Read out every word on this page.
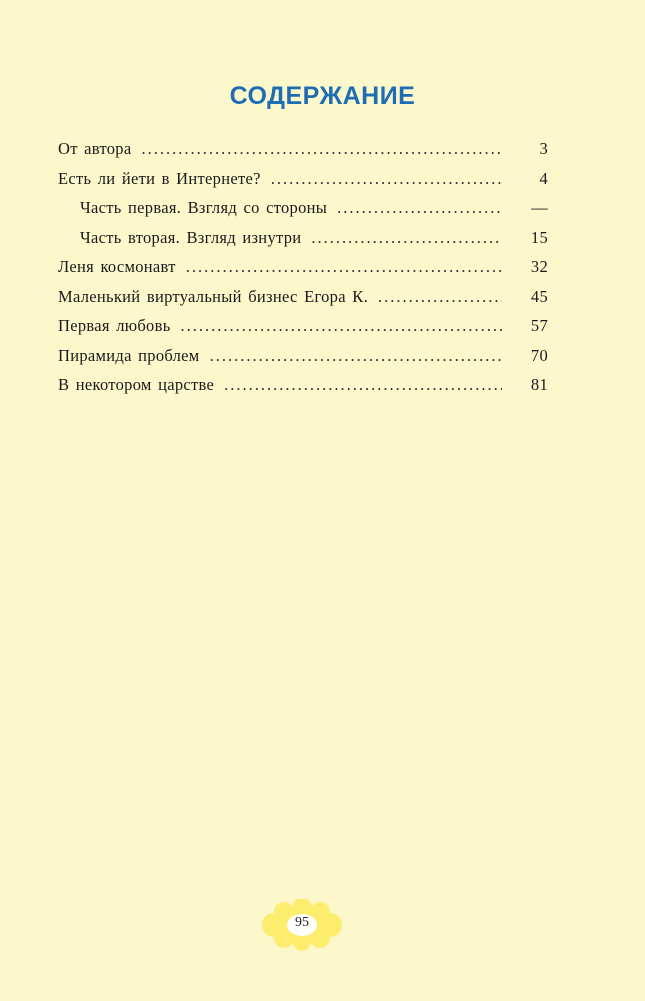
СОДЕРЖАНИЕ
От автора .....	3
Есть ли йети в Интернете? .....	4
Часть первая. Взгляд со стороны .....	—
Часть вторая. Взгляд изнутри .....	15
Леня космонавт .....	32
Маленький виртуальный бизнес Егора К. .....	45
Первая любовь .....	57
Пирамида проблем .....	70
В некотором царстве .....	81
95
